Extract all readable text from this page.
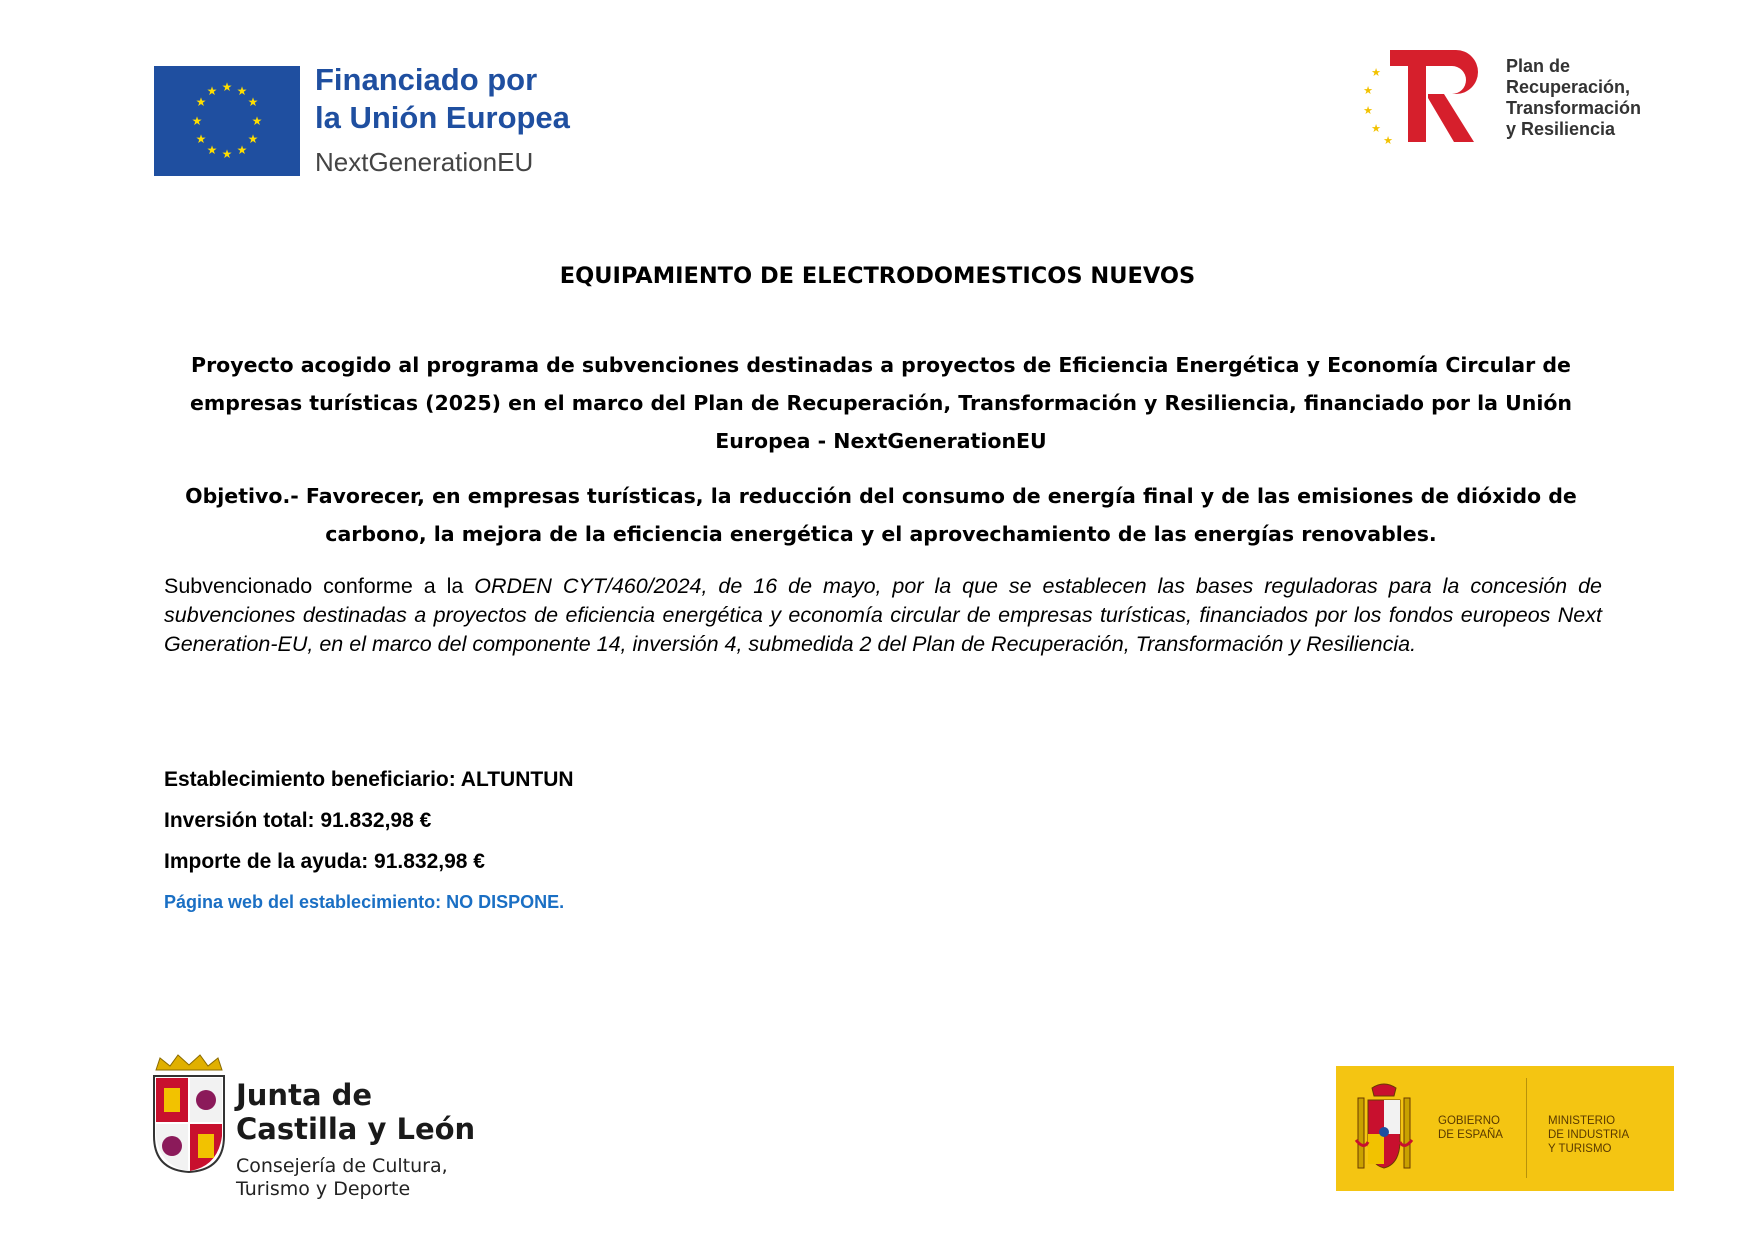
★ ★
★
★
★
★
★
★
★
★
★
★	Financiado por
la Unión Europea
NextGenerationEU
★
★
★
★
★
Plan de
Recuperación,
Transformación
y Resiliencia
EQUIPAMIENTO DE ELECTRODOMESTICOS NUEVOS
Proyecto acogido al programa de subvenciones destinadas a proyectos de Eficiencia Energética y Economía Circular de empresas turísticas (2025) en el marco del Plan de Recuperación, Transformación y Resiliencia, financiado por la Unión Europea - NextGenerationEU
Objetivo.- Favorecer, en empresas turísticas, la reducción del consumo de energía final y de las emisiones de dióxido de carbono, la mejora de la eficiencia energética y el aprovechamiento de las energías renovables.
Subvencionado conforme a la ORDEN CYT/460/2024, de 16 de mayo, por la que se establecen las bases reguladoras para la concesión de subvenciones destinadas a proyectos de eficiencia energética y economía circular de empresas turísticas, financiados por los fondos europeos Next Generation-EU, en el marco del componente 14, inversión 4, submedida 2 del Plan de Recuperación, Transformación y Resiliencia.
Establecimiento beneficiario: ALTUNTUN
Inversión total: 91.832,98 €
Importe de la ayuda: 91.832,98 €
Página web del establecimiento: NO DISPONE.
Junta de
Castilla y León
Consejería de Cultura,
Turismo y Deporte
GOBIERNO
DE ESPAÑA
MINISTERIO
DE INDUSTRIA
Y TURISMO
